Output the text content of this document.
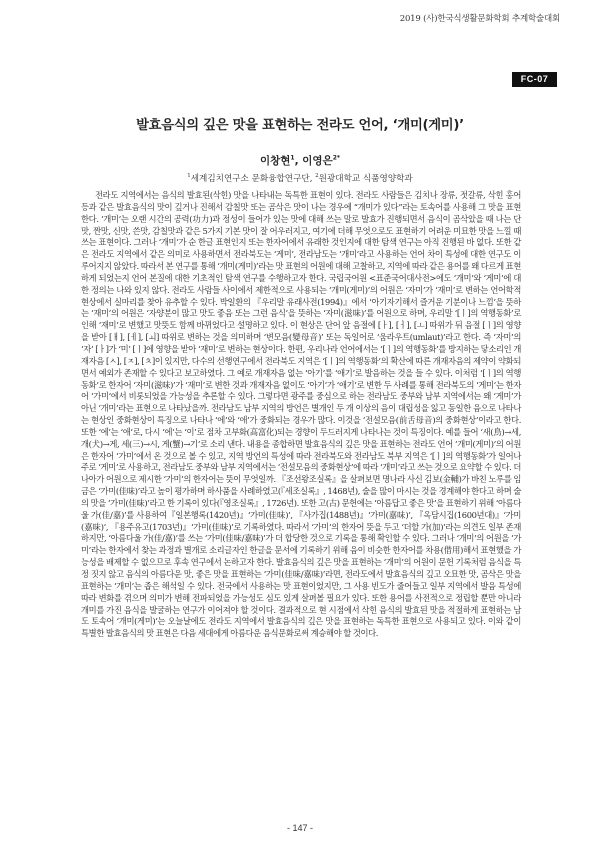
2019 (사)한국식생활문화학회 추계학술대회
FC-07
발효음식의 깊은 맛을 표현하는 전라도 언어, ‘개미(게미)’
이창현$^1$, 이영은$^{2*}$
$^1$세계김치연구소 문화융합연구단, $^2$원광대학교 식품영양학과

전라도 지역에서는 음식의 발효된(삭힌) 맛을 나타내는 독특한 표현이 있다. 전라도 사람들은 김치나 장류, 젓갈류, 삭힌 홍어 등과 같은 발효음식의 맛이 깊거나 진해서 감칠맛 또는 곰삭은 맛이 나는 경우에 “개미가 있다”라는 토속어를 사용해 그 맛을 표현한다. ‘개미’는 오랜 시간의 공력(功力)과 정성이 들어가 있는 맛에 대해 쓰는 말로 발효가 진행되면서 음식이 곰삭았을 때 나는 단맛, 짠맛, 신맛, 쓴맛, 감칠맛과 같은 5가지 기본 맛이 잘 어우러지고, 여기에 더해 무엇으로도 표현하기 어려운 미묘한 맛을 느낄 때 쓰는 표현이다. 그러나 ‘개미’가 순 한글 표현인지 또는 한자어에서 유래한 것인지에 대한 탐색 연구는 아직 진행된 바 없다. 또한 같은 전라도 지역에서 같은 의미로 사용하면서 전라북도는 ‘게미’, 전라남도는 ‘개미’라고 사용하는 언어 차이 특성에 대한 연구도 이루어지지 않았다. 따라서 본 연구를 통해 ‘개미(게미)’라는 맛 표현의 어원에 대해 고찰하고, 지역에 따라 같은 용어를 왜 다르게 표현하게 되었는지 언어 본질에 대한 기초적인 탐색 연구를 수행하고자 한다. 국립국어원 <표준국어대사전>에도 ‘개미’와 ‘게미’에 대한 정의는 나와 있지 않다. 전라도 사람들 사이에서 제한적으로 사용되는 ‘개미(게미)’의 어원은 ‘자미’가 ‘재미’로 변하는 언어학적 현상에서 실마리를 찾아 유추할 수 있다. 박일환의 『우리말 유래사전(1994)』에서 ‘아기자기해서 즐거운 기분이나 느낌’을 뜻하는 ‘재미’의 어원은 ‘자양분이 많고 맛도 좋음 또는 그런 음식’을 뜻하는 ‘자미(滋味)’를 어원으로 하며, 우리말 ‘[ㅣ]의 역행동화’로 인해 ‘재미’로 변했고 맛뜻도 함께 바뀌었다고 설명하고 있다. 이 현상은 단어 앞 음절에 [ㅏ], [ㅓ], [ㅗ] 따위가 뒤 음절 [ㅣ]의 영향을 받아 [ㅐ], [ㅔ], [ㅚ] 따위로 변하는 것을 의미하며 ‘변모음(變母音)’ 또는 독일어로 ‘움라우트(umlaut)’라고 한다. 즉 ‘자미’의 ‘자’ [ㅏ]가 ‘미’ [ㅣ]에 영향을 받아 ‘재미’로 변하는 현상이다. 한편, 우리나라 언어에서는 ‘[ㅣ]의 역행동화’를 방지하는 닿소리인 개재자음 [ㅅ], [ㅈ], [ㅊ]이 있지만, 다수의 선행연구에서 전라북도 지역은 ‘[ㅣ]의 역행동화’의 확산에 따른 개재자음의 제약이 약화되면서 예외가 존재할 수 있다고 보고하였다. 그 예로 개재자음 없는 ‘아기’를 ‘애기’로 발음하는 것을 들 수 있다. 이처럼 ‘[ㅣ]의 역행동화’로 한자어 ‘자미(滋味)’가 ‘재미’로 변한 것과 개재자음 없이도 ‘아기’가 ‘애기’로 변한 두 사례를 통해 전라북도의 ‘게미’는 한자어 ‘가미’에서 비롯되었을 가능성을 추론할 수 있다. 그렇다면 광주를 중심으로 하는 전라남도 중부와 남부 지역에서는 왜 ‘게미’가 아닌 ‘개미’라는 표현으로 나타났을까. 전라남도 남부 지역의 방언은 별개인 두 개 이상의 음이 대립성을 잃고 동일한 음으로 나타나는 현상인 중화현상이 특징으로 나타나 ‘에’와 ‘애’가 중화되는 경우가 많다. 이것을 ‘전설모음(前舌母音)의 중화현상’이라고 한다. 또한 ‘에’는 ‘애’로, 다시 ‘에’는 ‘이’로 점차 고부화(高富化)되는 경향이 두드러지게 나타나는 것이 특징이다. 예를 들어 ‘새(鳥)→세, 개(犬)→게, 세(三)→시, 게(蟹)→기’로 소리 낸다. 내용을 종합하면 발효음식의 깊은 맛을 표현하는 전라도 언어 ‘개미(게미)’의 어원은 한자어 ‘가미’에서 온 것으로 볼 수 있고, 지역 방언의 특성에 따라 전라북도와 전라남도 북부 지역은 ‘[ㅣ]의 역행동화’가 일어나 주로 ‘게미’로 사용하고, 전라남도 중부와 남부 지역에서는 ‘전설모음의 중화현상’에 따라 ‘개미’라고 쓰는 것으로 요약할 수 있다. 더 나아가 어원으로 제시한 ‘가미’의 한자어는 뜻이 무엇일까. 『조선왕조실록』을 살펴보면 명나라 사신 김보(金輔)가 바친 노루를 임금은 ‘가미(佳味)’라고 높이 평가하며 하사품을 사례하였고(『세조실록』, 1468년), 술을 많이 마시는 것을 경계해야 한다고 하며 술의 맛을 ‘가미(佳味)’라고 한 기록이 있다(『영조실록』, 1726년). 또한 고(古) 문헌에는 ‘아름답고 좋은 맛’을 표현하기 위해 ‘아름다울 가(佳/嘉)’를 사용하여『일본행록(1420년)』‘가미(佳味)’, 『사가집(1488년)』‘가미(嘉味)’, 『옥담시집(1600년대)』‘가미(嘉味)’, 『용주유고(1703년)』‘가미(佳味)’로 기록하였다. 따라서 ‘가미’의 한자어 뜻을 두고 ‘더할 가(加)’라는 의견도 일부 존재하지만, ‘아름다울 가(佳/嘉)’를 쓰는 ‘가미(佳味/嘉味)’가 더 합당한 것으로 기록을 통해 확인할 수 있다. 그러나 ‘개미’의 어원을 ‘가미’라는 한자에서 찾는 과정과 별개로 소리글자인 한글을 문서에 기록하기 위해 음이 비슷한 한자어를 차용(借用)해서 표현했을 가능성을 배제할 수 없으므로 후속 연구에서 논하고자 한다. 발효음식의 깊은 맛을 표현하는 ‘개미’의 어원이 문헌 기록처럼 음식을 특정 짓지 않고 음식의 아름다운 맛, 좋은 맛을 표현하는 ‘가미(佳味/嘉味)’라면, 전라도에서 발효음식의 깊고 오묘한 맛, 곰삭은 맛을 표현하는 ‘개미’는 좁은 해석일 수 있다. 전국에서 사용하는 맛 표현이었지만, 그 사용 빈도가 줄어들고 일부 지역에서 발음 특성에 따라 변화를 겪으며 의미가 변해 전파되었을 가능성도 심도 있게 살펴볼 필요가 있다. 또한 용어를 사전적으로 정립할 뿐만 아니라 개미를 가진 음식을 발굴하는 연구가 이어져야 할 것이다. 결과적으로 현 시점에서 삭힌 음식의 발효된 맛을 적절하게 표현하는 남도 토속어 ‘개미(게미)’는 오늘날에도 전라도 지역에서 발효음식의 깊은 맛을 표현하는 독특한 표현으로 사용되고 있다. 이와 같이 특별한 발효음식의 맛 표현은 다음 세대에게 아름다운 음식문화로써 계승해야 할 것이다.

- 147 -
